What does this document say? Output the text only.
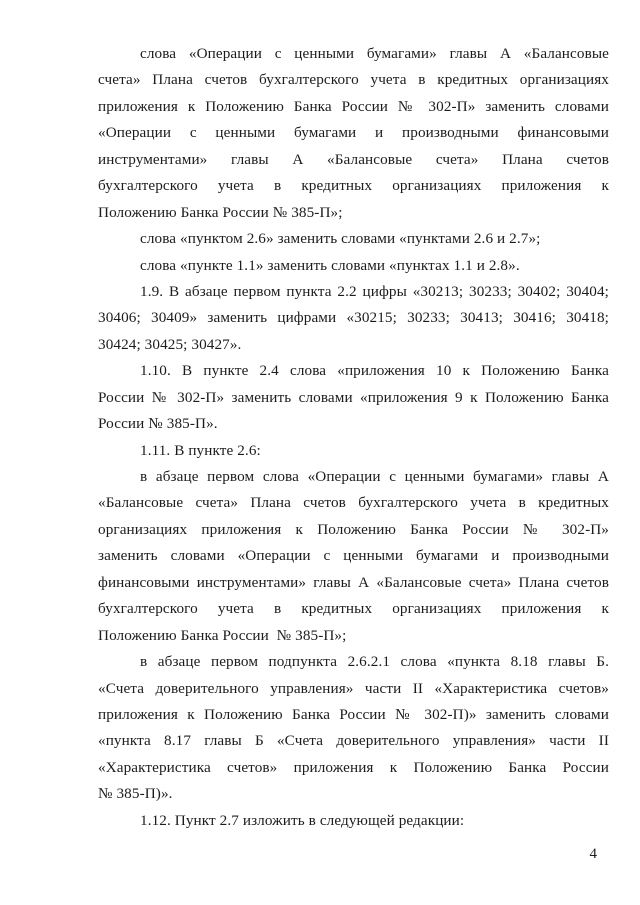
слова «Операции с ценными бумагами» главы А «Балансовые
счета» Плана счетов бухгалтерского учета в кредитных организациях
приложения к Положению Банка России № 302-П» заменить словами
«Операции с ценными бумагами и производными финансовыми
инструментами» главы А «Балансовые счета» Плана счетов
бухгалтерского учета в кредитных организациях приложения к
Положению Банка России № 385-П»;
слова «пунктом 2.6» заменить словами «пунктами 2.6 и 2.7»;
слова «пункте 1.1» заменить словами «пунктах 1.1 и 2.8».
1.9. В абзаце первом пункта 2.2 цифры «30213; 30233; 30402; 30404;
30406; 30409» заменить цифрами «30215; 30233; 30413; 30416; 30418;
30424; 30425; 30427».
1.10. В пункте 2.4 слова «приложения 10 к Положению Банка
России № 302-П» заменить словами «приложения 9 к Положению Банка
России № 385-П».
1.11. В пункте 2.6:
в абзаце первом слова «Операции с ценными бумагами» главы А
«Балансовые счета» Плана счетов бухгалтерского учета в кредитных
организациях приложения к Положению Банка России № 302-П»
заменить словами «Операции с ценными бумагами и производными
финансовыми инструментами» главы А «Балансовые счета» Плана счетов
бухгалтерского учета в кредитных организациях приложения к
Положению Банка России  № 385-П»;
в абзаце первом подпункта 2.6.2.1 слова «пункта 8.18 главы Б.
«Счета доверительного управления» части II «Характеристика счетов»
приложения к Положению Банка России № 302-П)» заменить словами
«пункта 8.17 главы Б «Счета доверительного управления» части II
«Характеристика счетов» приложения к Положению Банка России
№ 385-П)».
1.12. Пункт 2.7 изложить в следующей редакции:
4
